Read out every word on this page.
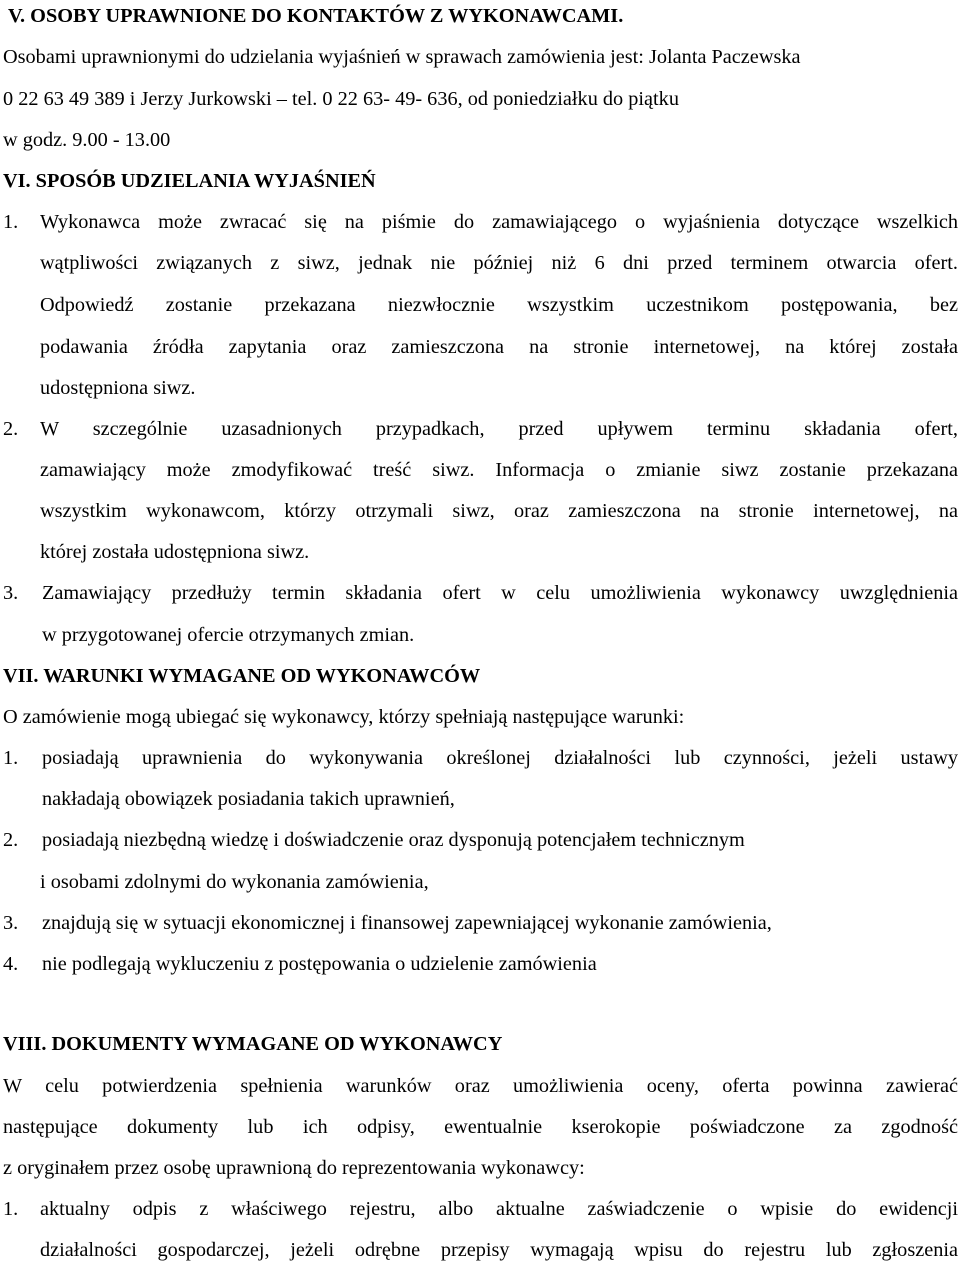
V. OSOBY UPRAWNIONE DO KONTAKTÓW Z WYKONAWCAMI.
Osobami uprawnionymi do udzielania wyjaśnień w sprawach zamówienia jest: Jolanta Paczewska
0 22 63 49 389 i Jerzy Jurkowski – tel. 0 22 63- 49- 636, od poniedziałku do piątku
w godz. 9.00 - 13.00
VI. SPOSÓB UDZIELANIA WYJAŚNIEŃ
1. Wykonawca może zwracać się na piśmie do zamawiającego o wyjaśnienia dotyczące wszelkich
wątpliwości związanych z siwz, jednak nie później niż 6 dni przed terminem otwarcia ofert.
Odpowiedź zostanie przekazana niezwłocznie wszystkim uczestnikom postępowania, bez
podawania źródła zapytania oraz zamieszczona na stronie internetowej, na której została
udostępniona siwz.
2. W szczególnie uzasadnionych przypadkach, przed upływem terminu składania ofert,
zamawiający może zmodyfikować treść siwz. Informacja o zmianie siwz zostanie przekazana
wszystkim wykonawcom, którzy otrzymali siwz, oraz zamieszczona na stronie internetowej, na
której została udostępniona siwz.
3. Zamawiający przedłuży termin składania ofert w celu umożliwienia wykonawcy uwzględnienia
w przygotowanej ofercie otrzymanych zmian.
VII. WARUNKI WYMAGANE OD WYKONAWCÓW
O zamówienie mogą ubiegać się wykonawcy, którzy spełniają następujące warunki:
1. posiadają uprawnienia do wykonywania określonej działalności lub czynności, jeżeli ustawy
nakładają obowiązek posiadania takich uprawnień,
2. posiadają niezbędną wiedzę i doświadczenie oraz dysponują potencjałem technicznym
i osobami zdolnymi do wykonania zamówienia,
3. znajdują się w sytuacji ekonomicznej i finansowej zapewniającej wykonanie zamówienia,
4. nie podlegają wykluczeniu z postępowania o udzielenie zamówienia
VIII. DOKUMENTY WYMAGANE OD WYKONAWCY
W celu potwierdzenia spełnienia warunków oraz umożliwienia oceny, oferta powinna zawierać
następujące dokumenty lub ich odpisy, ewentualnie kserokopie poświadczone za zgodność
z oryginałem przez osobę uprawnioną do reprezentowania wykonawcy:
1. aktualny odpis z właściwego rejestru, albo aktualne zaświadczenie o wpisie do ewidencji
działalności gospodarczej, jeżeli odrębne przepisy wymagają wpisu do rejestru lub zgłoszenia
